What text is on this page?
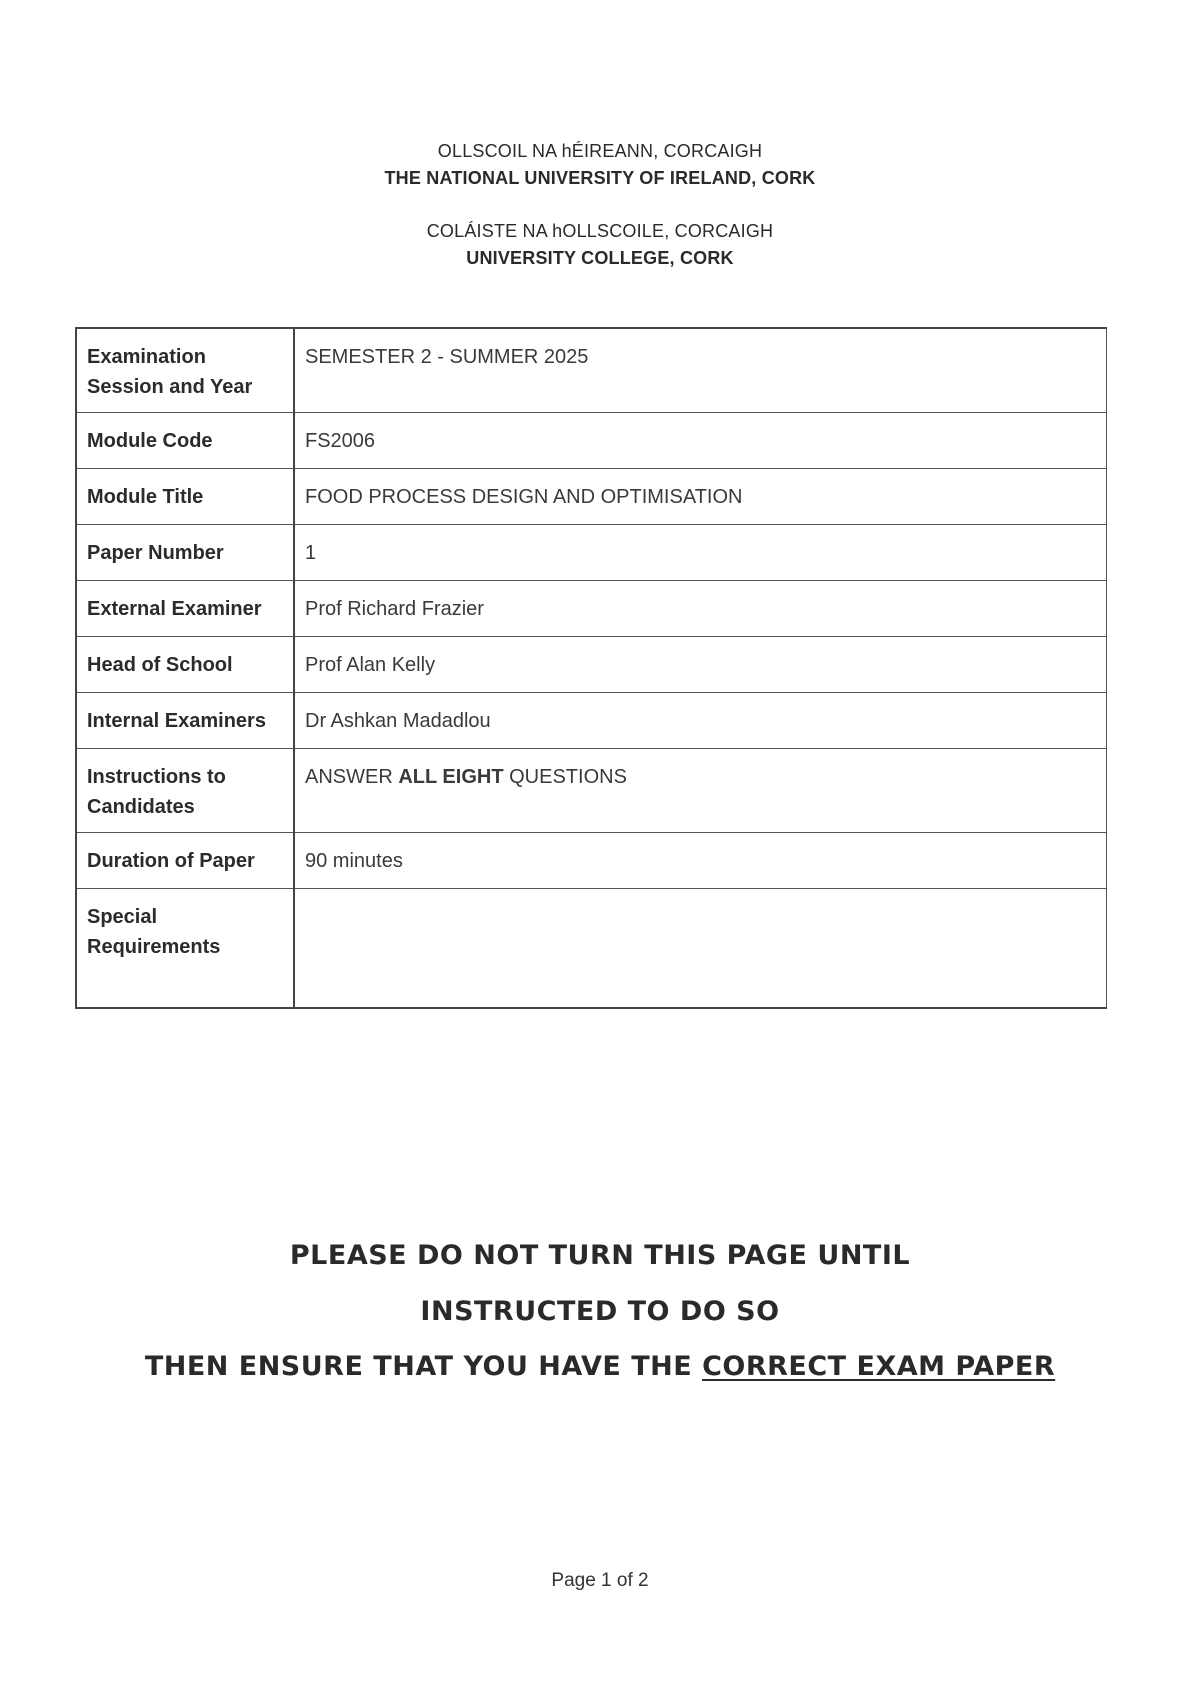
OLLSCOIL NA hÉIREANN, CORCAIGH
THE NATIONAL UNIVERSITY OF IRELAND, CORK
COLÁISTE NA hOLLSCOILE, CORCAIGH
UNIVERSITY COLLEGE, CORK
Examination Session and Year	SEMESTER 2 - SUMMER 2025
Module Code	FS2006
Module Title	FOOD PROCESS DESIGN AND OPTIMISATION
Paper Number	1
External Examiner	Prof Richard Frazier
Head of School	Prof Alan Kelly
Internal Examiners	Dr Ashkan Madadlou
Instructions to Candidates	ANSWER ALL EIGHT QUESTIONS
Duration of Paper	90 minutes
Special Requirements	
PLEASE DO NOT TURN THIS PAGE UNTIL
INSTRUCTED TO DO SO
THEN ENSURE THAT YOU HAVE THE CORRECT EXAM PAPER
Page 1 of 2
